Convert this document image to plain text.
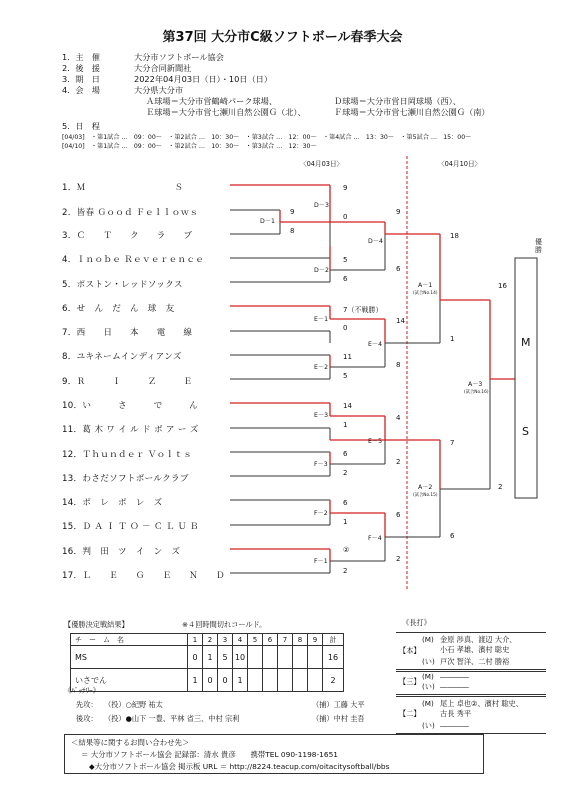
第37回 大分市C級ソフトボール春季大会
1．主　催	大分市ソフトボール協会
2．後　援	大分合同新聞社
3．期　日	2022年04月03日（日）・10日（日）
4．会　場	大分県大分市
Ａ球場＝大分市営鶴崎パーク球場、	Ｄ球場＝大分市営日岡球場（西）、
Ｅ球場＝大分市営七瀬川自然公園Ｇ（北）、	Ｆ球場＝大分市営七瀬川自然公園Ｇ（南）
5．日　程
[04/03]　・第1試合 …　09：00～　・第2試合 …　10：30～　・第3試合 …　12：00～　・第4試合 …　13：30～　・第5試合 …　15：00～
[04/10]　・第1試合 …　09：00～　・第2試合 …　10：30～　・第3試合 …　12：30～
〈04月03日〉	〈04月10日〉
1．Ｍ　　　　　　　　　　Ｓ
2．皆春 Ｇｏｏｄ Ｆｅｌｌｏｗｓ
3．Ｃ　　Ｔ　　ク　　ラ　　ブ
4．Ｉｎｏｂｅ Ｒｅｖｅｒｅｎｃｅ
5．ポストン・レッドソックス
6．せ　ん　だ　ん　球　友
7．西　　日　　本　　電　　線
8．ユキネームインディアンズ
9．Ｒ　　　Ｉ　　　Ｚ　　　Ｅ
10．い　　　さ　　　で　　　ん
11．葛 木 ワ イ ル ド ボ ア ー ズ
12．Ｔｈｕｎｄｅｒ Ｖｏｌｔｓ
13．わさだソフトボールクラブ
14．ポ　レ　ポ　レ　ズ
15．Ｄ Ａ Ｉ Ｔ Ｏ － Ｃ Ｌ Ｕ Ｂ
16．判　田　ツ　イ　ン　ズ
17．Ｌ　　Ｅ　　Ｇ　　Ｅ　　Ｎ　　Ｄ
D－1
9
8
D－3
9
0
D－2
5
6
D－4
9
6
E－1
7（不戦勝）
0
E－2
11
5
E－4
14
8
E－3
14
1
F－3
6
2
E－5
4
2
F－2
6
1
F－1
②
2
F－4
6
2
A－1
(試合No.14)
18
1
A－2
(試合No.15)
7
6
A－3
(試合No.16)
16
2
優勝
M
S
【優勝決定戦結果】	※４回時間切れコールド。
チ　ー　ム　名	1	2	3	4	5	6	7	8	9	計
MS	0	1	5	10						16
いさでん	1	0	0	1						2
《ﾊﾞｯﾃﾘｰ》
先攻： （投）○紀野 祐太	（捕）工藤 大平
後攻： （投）●山下 一豊、平林 省三、中村 宗利	（捕）中村 圭吾
《長打》
【本】
(M) 金原 渉真、渡辺 大介、
小石 孝雄、濱村 聡史
(い) 戸次 智洋、二村 勝裕
【三】
(M) ――――
(い) ――――
【二】
(M) 尾上 卓也②、濱村 聡史、
古長 秀平
(い) ――――
＜結果等に関するお問い合わせ先＞
＝ 大分市ソフトボール協会 記録部：清水 貴彦　　携帯TEL 090-1198-1651
◆大分市ソフトボール協会 掲示板 URL ＝ http://8224.teacup.com/oitacitysoftball/bbs
